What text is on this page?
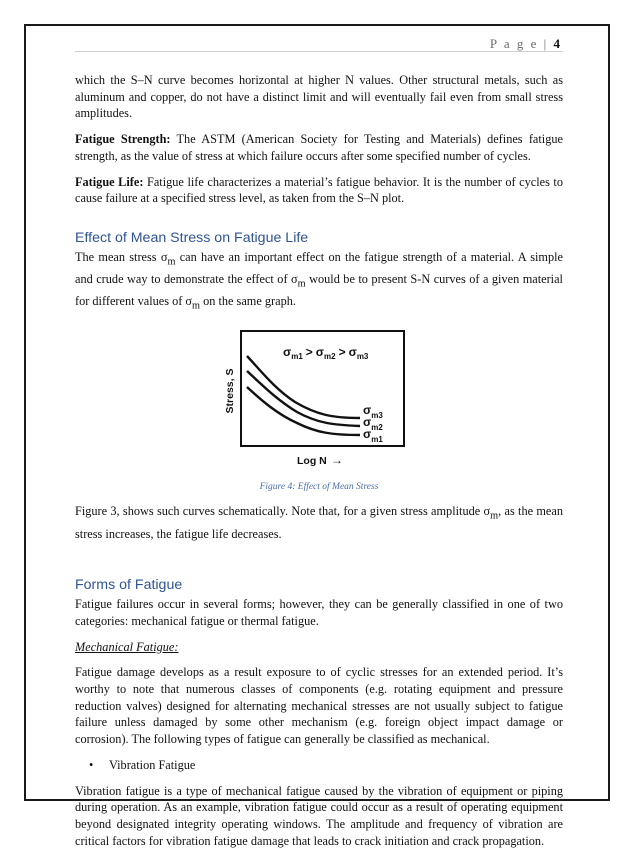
P a g e | 4

which the S–N curve becomes horizontal at higher N values. Other structural metals, such as aluminum and copper, do not have a distinct limit and will eventually fail even from small stress amplitudes.

Fatigue Strength: The ASTM (American Society for Testing and Materials) defines fatigue strength, as the value of stress at which failure occurs after some specified number of cycles.

Fatigue Life: Fatigue life characterizes a material’s fatigue behavior. It is the number of cycles to cause failure at a specified stress level, as taken from the S–N plot.

Effect of Mean Stress on Fatigue Life

The mean stress $\sigma_m$ can have an important effect on the fatigue strength of a material. A simple and crude way to demonstrate the effect of $\sigma_m$ would be to present S-N curves of a given material for different values of $\sigma_m$ on the same graph.

$\sigma_{m1} > \sigma_{m2} > \sigma_{m3}$
$\sigma_{m3}$
$\sigma_{m2}$
$\sigma_{m1}$
Stress, S
Log N →
Figure 4: Effect of Mean Stress

Figure 3, shows such curves schematically. Note that, for a given stress amplitude $\sigma_m$, as the mean stress increases, the fatigue life decreases.

Forms of Fatigue

Fatigue failures occur in several forms; however, they can be generally classified in one of two categories: mechanical fatigue or thermal fatigue.

Mechanical Fatigue:

Fatigue damage develops as a result exposure to of cyclic stresses for an extended period. It’s worthy to note that numerous classes of components (e.g. rotating equipment and pressure reduction valves) designed for alternating mechanical stresses are not usually subject to fatigue failure unless damaged by some other mechanism (e.g. foreign object impact damage or corrosion). The following types of fatigue can generally be classified as mechanical.

• Vibration Fatigue

Vibration fatigue is a type of mechanical fatigue caused by the vibration of equipment or piping during operation. As an example, vibration fatigue could occur as a result of operating equipment beyond designated integrity operating windows. The amplitude and frequency of vibration are critical factors for vibration fatigue damage that leads to crack initiation and crack propagation.
